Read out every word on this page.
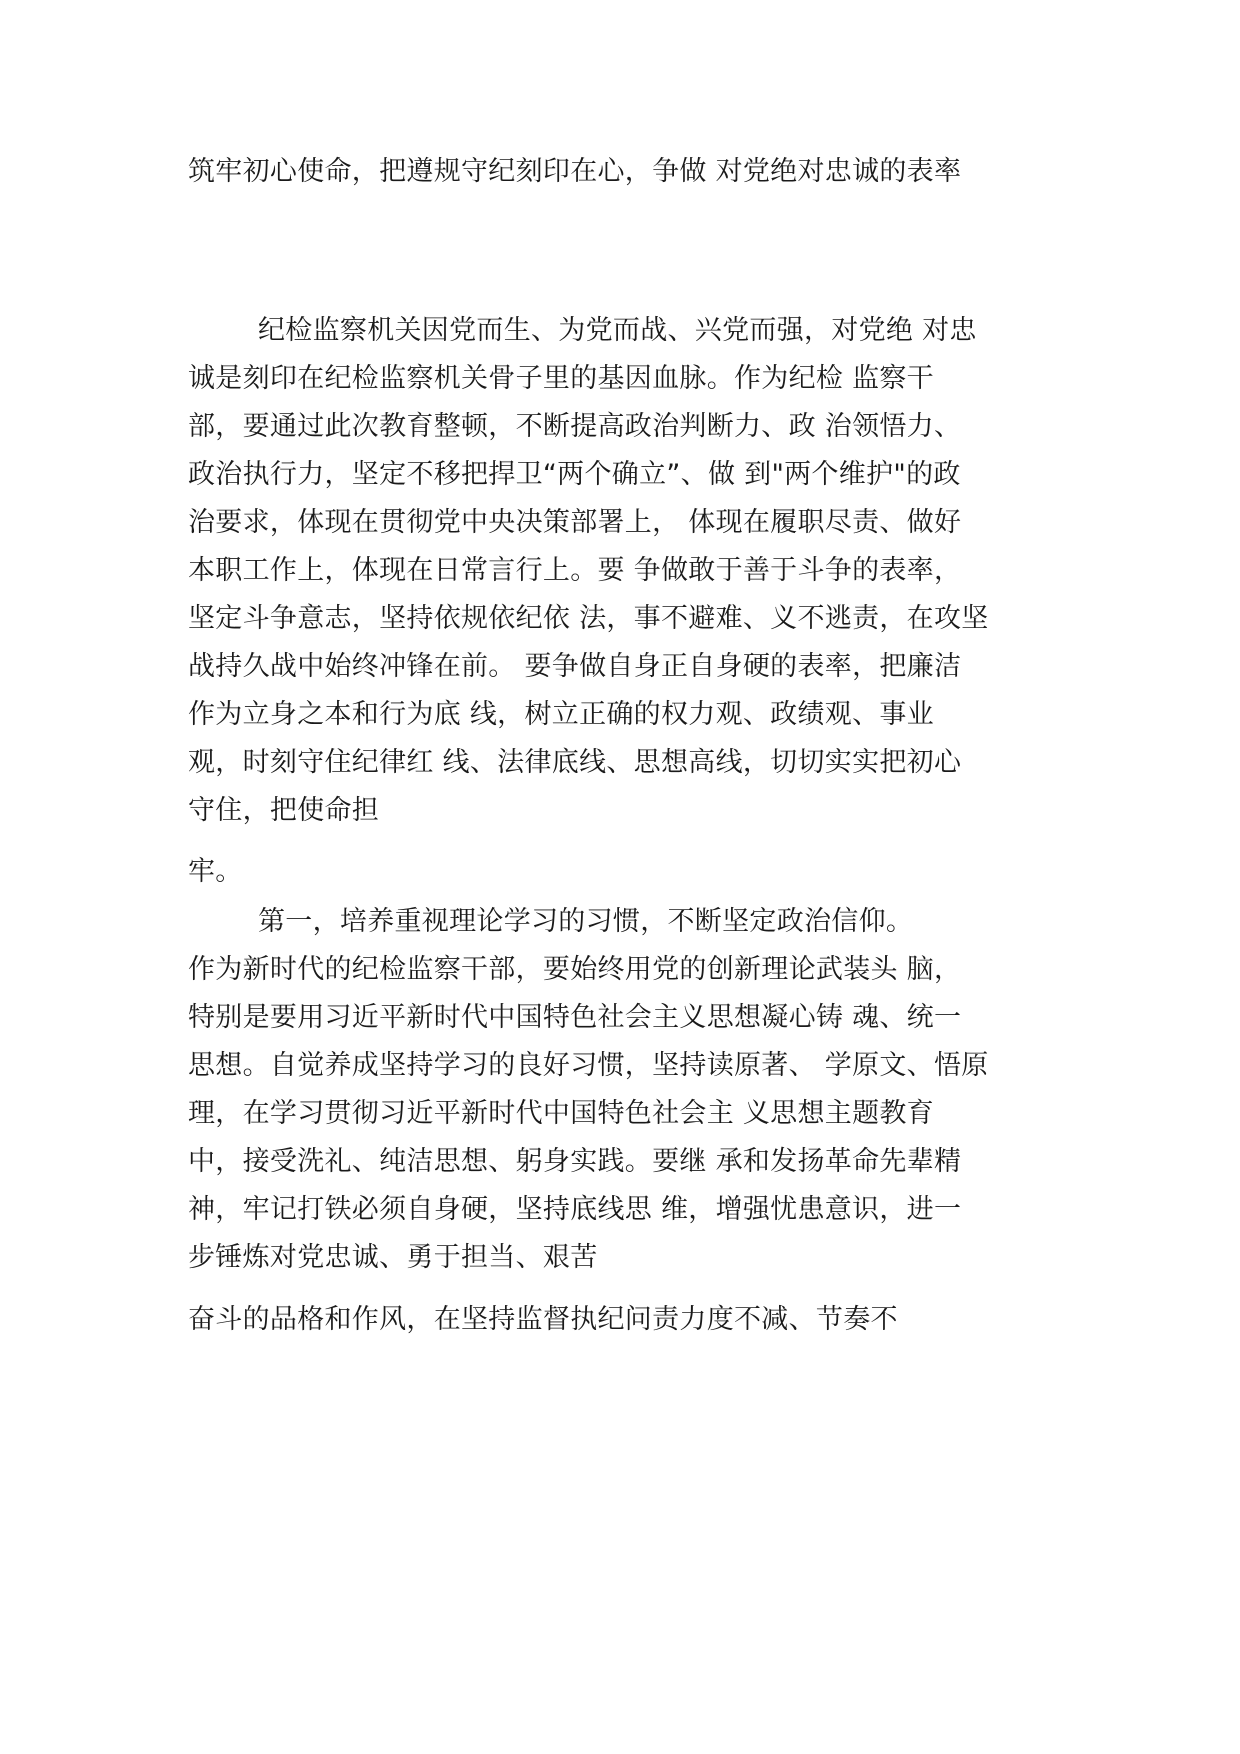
筑牢初心使命，把遵规守纪刻印在心，争做 对党绝对忠诚的表率
纪检监察机关因党而生、为党而战、兴党而强，对党绝 对忠
诚是刻印在纪检监察机关骨子里的基因血脉。作为纪检 监察干
部，要通过此次教育整顿，不断提高政治判断力、政 治领悟力、
政治执行力，坚定不移把捍卫“两个确立”、做 到"两个维护"的政
治要求，体现在贯彻党中央决策部署上， 体现在履职尽责、做好
本职工作上，体现在日常言行上。要 争做敢于善于斗争的表率，
坚定斗争意志，坚持依规依纪依 法，事不避难、义不逃责，在攻坚
战持久战中始终冲锋在前。 要争做自身正自身硬的表率，把廉洁
作为立身之本和行为底 线，树立正确的权力观、政绩观、事业
观，时刻守住纪律红 线、法律底线、思想高线，切切实实把初心
守住，把使命担
牢。
第一，培养重视理论学习的习惯，不断坚定政治信仰。
作为新时代的纪检监察干部，要始终用党的创新理论武装头 脑，
特别是要用习近平新时代中国特色社会主义思想凝心铸 魂、统一
思想。自觉养成坚持学习的良好习惯，坚持读原著、 学原文、悟原
理，在学习贯彻习近平新时代中国特色社会主 义思想主题教育
中，接受洗礼、纯洁思想、躬身实践。要继 承和发扬革命先辈精
神，牢记打铁必须自身硬，坚持底线思 维，增强忧患意识，进一
步锤炼对党忠诚、勇于担当、艰苦
奋斗的品格和作风，在坚持监督执纪问责力度不减、节奏不
